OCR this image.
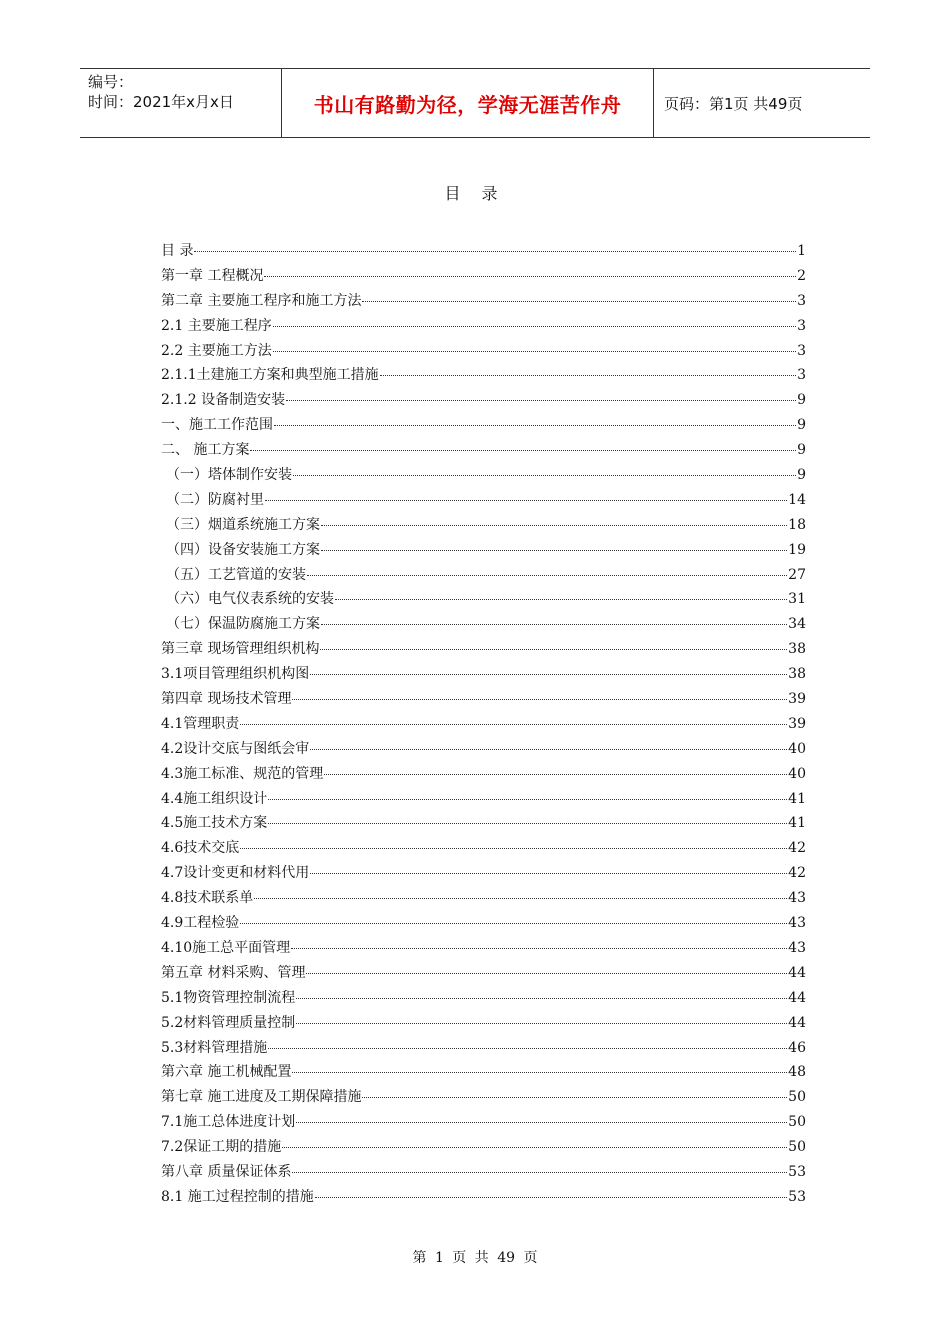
编号：
时间：2021年x月x日	书山有路勤为径，学海无涯苦作舟	页码：第1页 共49页
目 录
目 录	1
第一章 工程概况	2
第二章 主要施工程序和施工方法	3
2.1 主要施工程序	3
2.2 主要施工方法	3
2.1.1土建施工方案和典型施工措施	3
2.1.2 设备制造安装	9
一、施工工作范围	9
二、 施工方案	9
（一）塔体制作安装	9
（二）防腐衬里	14
（三）烟道系统施工方案	18
（四）设备安装施工方案	19
（五）工艺管道的安装	27
（六）电气仪表系统的安装	31
（七）保温防腐施工方案	34
第三章 现场管理组织机构	38
3.1项目管理组织机构图	38
第四章 现场技术管理	39
4.1管理职责	39
4.2设计交底与图纸会审	40
4.3施工标准、规范的管理	40
4.4施工组织设计	41
4.5施工技术方案	41
4.6技术交底	42
4.7设计变更和材料代用	42
4.8技术联系单	43
4.9工程检验	43
4.10施工总平面管理	43
第五章 材料采购、管理	44
5.1物资管理控制流程	44
5.2材料管理质量控制	44
5.3材料管理措施	46
第六章 施工机械配置	48
第七章 施工进度及工期保障措施	50
7.1施工总体进度计划	50
7.2保证工期的措施	50
第八章 质量保证体系	53
8.1 施工过程控制的措施	53
第 1 页 共 49 页
